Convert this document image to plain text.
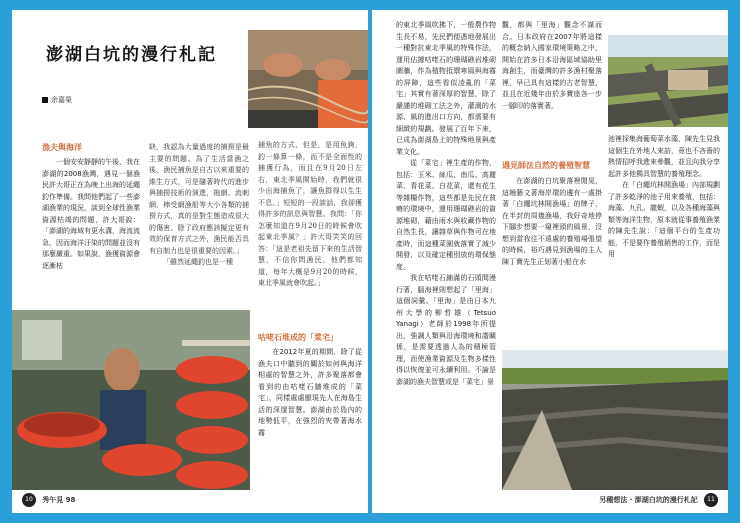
澎湖白坑的漫行札記
余嘉榮
漁夫與海洋

一個安安靜靜的午後，我在澎湖的2008漁灣，遇見一個漁民許大哥正在為晚上出海的延繩釣作準備。我問他們起了一些澎湖漁業的現況，談到全球性漁業資源枯竭的問題，許大哥說：「澎湖的海域有更水溝，海流流急，因而海洋汙染的問題並沒有那麼嚴重。如果說，漁獲資源會逐漸枯

缺，我認為大量過度的捕撈是最主要的問題。為了生活當漁之後，漁民捕魚是自古以來重要的維生方式，可是隨著時代的進步與捕撈技術的演進，拖網、流刺網、棒受網漁船等大小各類的捕撈方式，真的是對生態造成很大的傷害。除了政府應該擬定更有效的保育方式之外，漁民能否具有自制力也是很重要的因素。」
「雖然延繩釣也是一種

捕魚的方式，但是，是用魚鉤，釣一條算一條，而不是全面性的捕獲行為，而且在9月20日左右，東北季風開始時，我們就很少出海捕魚了，讓魚群得以生生不息。」短短的一段談話，我卻獲得許多的訊息與智慧。我問：「你怎麼知道在9月20日的時候會吹起東北季風？」許大哥笑笑的回答：「這是老祖先留下來的生活智慧，不信你問漁民，他們都知道，每年大概是9月20的時候，東北季風就會吹起。」

咕咾石堆成的「菜宅」

在2012年夏的期間，除了從漁夫口中聽到的關於如何與海洋相處的智慧之外，許多聚落都會看到的由咕咾石牆堆成的「菜宅」，同樣處處顯現先人在海島生活的深邃智慧。澎湖由於島內的地勢低平，在強烈的夾帶著海水霧

10 秀午見 98

的東北季風吹拂下，一般農作物生長不易，先民們便憑地發展出一種對抗東北季風的特殊作法，運用佔據咕咾石的珊瑚礁岩堆砌圍牆，作為植物抵禦寒風與海霧的屏障，這些看似凌亂的「菜宅」其實有著深厚的智慧，除了嚴謹的堆砌工法之外，灌溉的水源、風的進出口方向，都需要有細緻的規劃。發展了百年下來，已成為澎湖島上的特殊地景與產業文化。
從「菜宅」裡生產的作物，包括：玉米、絲瓜、南瓜、高麗菜、青花菜、白花菜，還有花生等雜糧作物，這些都是先民在貧瘠的環境中，運用珊瑚礁岩的資源堆砌，藉由雨水與收藏作物的自然生長，讓雜草與作物可在地產時，而這種菜園就落實了減少開發，以及確定種別放的環保態度。
我在咕咾石鋪滿的石頭間漫行著，腦海裡則想起了「里海」這個詞彙。「里海」是由日本九州大學的柳哲雄（Tetsuo Yanagi）老師於1998年所提出，強調人類與沿海環境和諧關係，是需要透過人為的積極管理，而使漁業資源及生物多樣性得以恢復並可永續利用。不論是澎湖的漁夫智慧或是「菜宅」景

觀，都與「里海」觀念不謀而合。日本政府在2007年將這樣的概念納入國家環境策略之中，開始在許多日本沿海區域協助里海創生，而臺灣的許多漁村聚落裡，早已具有這樣的古老智慧，並且在近幾年由於多寶座各一步一腳印的落實著。

遇見師法自然的養殖智慧

在澎湖的白坑聚落裡閒晃，這趟藝文著海岸環的邊有一處掛著「白繩坑林開漁場」的牌子，在半封的周幾漁場，我好奇地停下腳步想要一窺裡頭的風景，沒想到當我往不遠處的養殖場張望的時候，裕巧遇見到漁場的主人陳丁寶先生正划著小船在水

池裡採集海葡萄菜水藻，陳先生見我這個生在外地人來訪，竟也不吝嗇的熱情招呼我進來參觀，並且向我分享起許多他獨具智慧的養殖理念。
在「白繩坑林開漁場」內部規劃了許多乾淨的池子用來養殖，包括：海藻、九孔、龍蝦，以及各種海藻與類等海洋生物，原本就從事養殖漁業的陳先生說：「這個平台的生產功能，不是要作養殖銷售的工作，而是用

另種想法 · 澎湖白坑的漫行札記 11
